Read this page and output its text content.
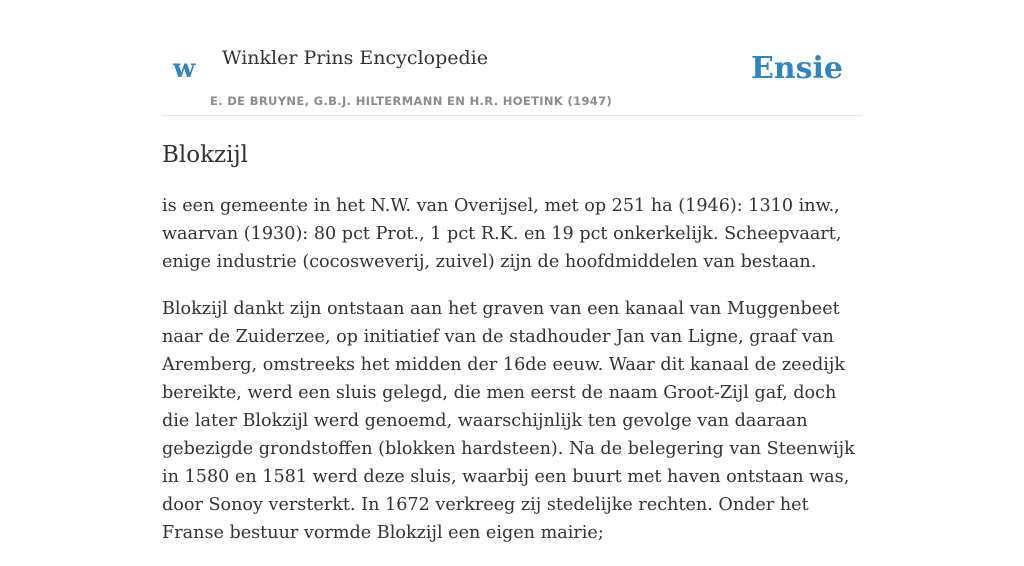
w Winkler Prins Encyclopedie
E. DE BRUYNE, G.B.J. HILTERMANN EN H.R. HOETINK (1947)
Ensie
Blokzijl

is een gemeente in het N.W. van Overijsel, met op 251 ha (1946): 1310 inw., waarvan (1930): 80 pct Prot., 1 pct R.K. en 19 pct onkerkelijk. Scheepvaart, enige industrie (cocosweverij, zuivel) zijn de hoofdmiddelen van bestaan.

Blokzijl dankt zijn ontstaan aan het graven van een kanaal van Muggenbeet naar de Zuiderzee, op initiatief van de stadhouder Jan van Ligne, graaf van Aremberg, omstreeks het midden der 16de eeuw. Waar dit kanaal de zeedijk bereikte, werd een sluis gelegd, die men eerst de naam Groot-Zijl gaf, doch die later Blokzijl werd genoemd, waarschijnlijk ten gevolge van daaraan gebezigde grondstoffen (blokken hardsteen). Na de belegering van Steenwijk in 1580 en 1581 werd deze sluis, waarbij een buurt met haven ontstaan was, door Sonoy versterkt. In 1672 verkreeg zij stedelijke rechten. Onder het Franse bestuur vormde Blokzijl een eigen mairie;
